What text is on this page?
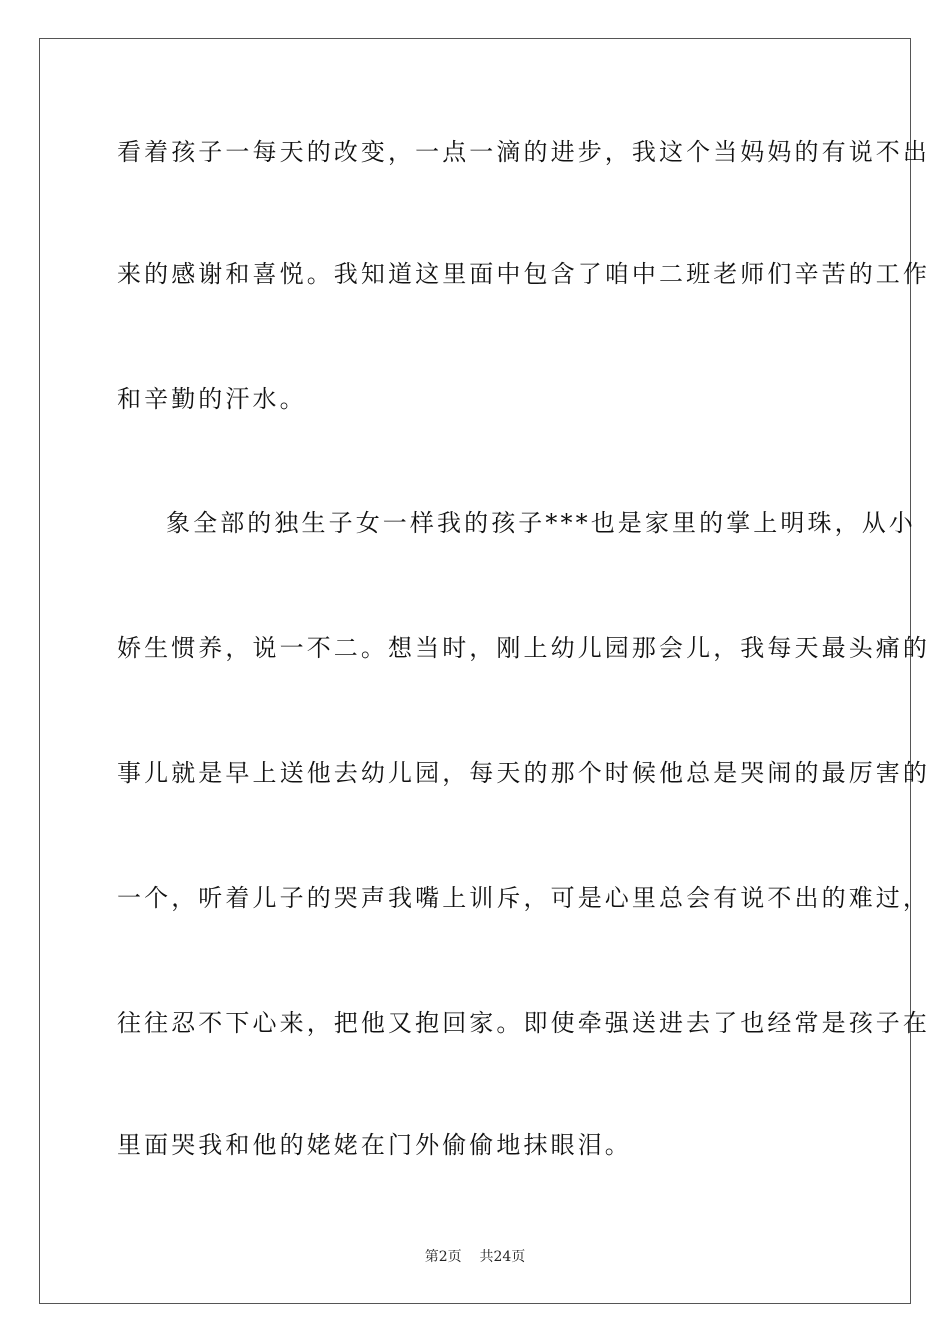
看着孩子一每天的改变，一点一滴的进步，我这个当妈妈的有说不出
来的感谢和喜悦。我知道这里面中包含了咱中二班老师们辛苦的工作
和辛勤的汗水。
象全部的独生子女一样我的孩子***也是家里的掌上明珠，从小
娇生惯养，说一不二。想当时，刚上幼儿园那会儿，我每天最头痛的
事儿就是早上送他去幼儿园，每天的那个时候他总是哭闹的最厉害的
一个，听着儿子的哭声我嘴上训斥，可是心里总会有说不出的难过，
往往忍不下心来，把他又抱回家。即使牵强送进去了也经常是孩子在
里面哭我和他的姥姥在门外偷偷地抹眼泪。
第2页 共24页
